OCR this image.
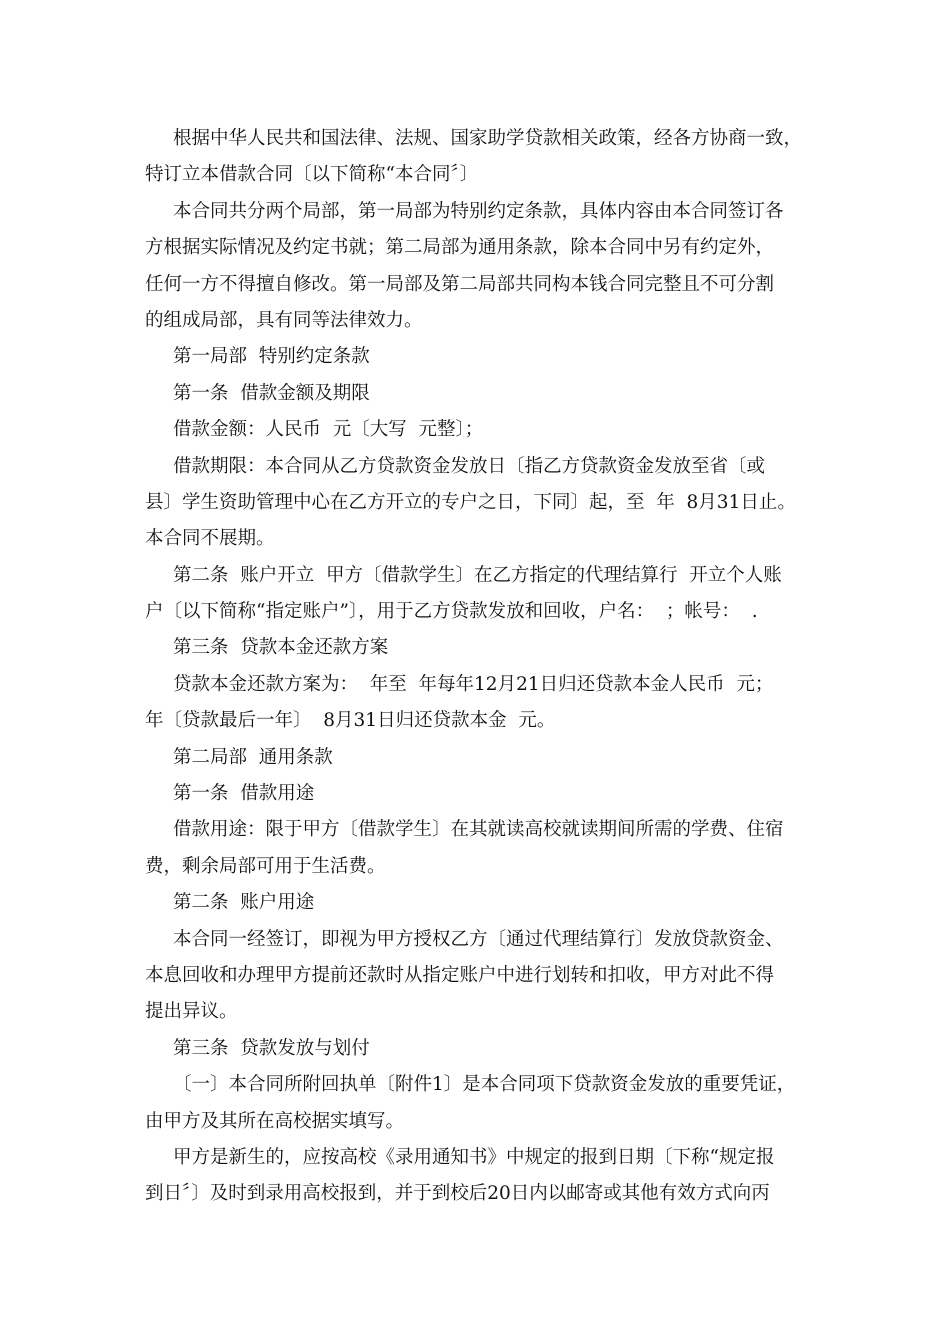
根据中华人民共和国法律、法规、国家助学贷款相关政策，经各方协商一致，
特订立本借款合同〔以下简称“本合同〞〕
本合同共分两个局部，第一局部为特别约定条款，具体内容由本合同签订各
方根据实际情况及约定书就；第二局部为通用条款，除本合同中另有约定外，
任何一方不得擅自修改。第一局部及第二局部共同构本钱合同完整且不可分割
的组成局部，具有同等法律效力。
第一局部  特别约定条款
第一条  借款金额及期限
借款金额：人民币  元〔大写  元整〕；
借款期限：本合同从乙方贷款资金发放日〔指乙方贷款资金发放至省〔或
县〕学生资助管理中心在乙方开立的专户之日，下同〕起，至  年  8月31日止。
本合同不展期。
第二条  账户开立  甲方〔借款学生〕在乙方指定的代理结算行  开立个人账
户〔以下简称“指定账户”〕，用于乙方贷款发放和回收，户名：  ；帐号：  .
第三条  贷款本金还款方案
贷款本金还款方案为：  年至  年每年12月21日归还贷款本金人民币  元；
年〔贷款最后一年〕  8月31日归还贷款本金  元。
第二局部  通用条款
第一条  借款用途
借款用途：限于甲方〔借款学生〕在其就读高校就读期间所需的学费、住宿
费，剩余局部可用于生活费。
第二条  账户用途
本合同一经签订，即视为甲方授权乙方〔通过代理结算行〕发放贷款资金、
本息回收和办理甲方提前还款时从指定账户中进行划转和扣收，甲方对此不得
提出异议。
第三条  贷款发放与划付
〔一〕本合同所附回执单〔附件1〕是本合同项下贷款资金发放的重要凭证，
由甲方及其所在高校据实填写。
甲方是新生的，应按高校《录用通知书》中规定的报到日期〔下称“规定报
到日〞〕及时到录用高校报到，并于到校后20日内以邮寄或其他有效方式向丙
